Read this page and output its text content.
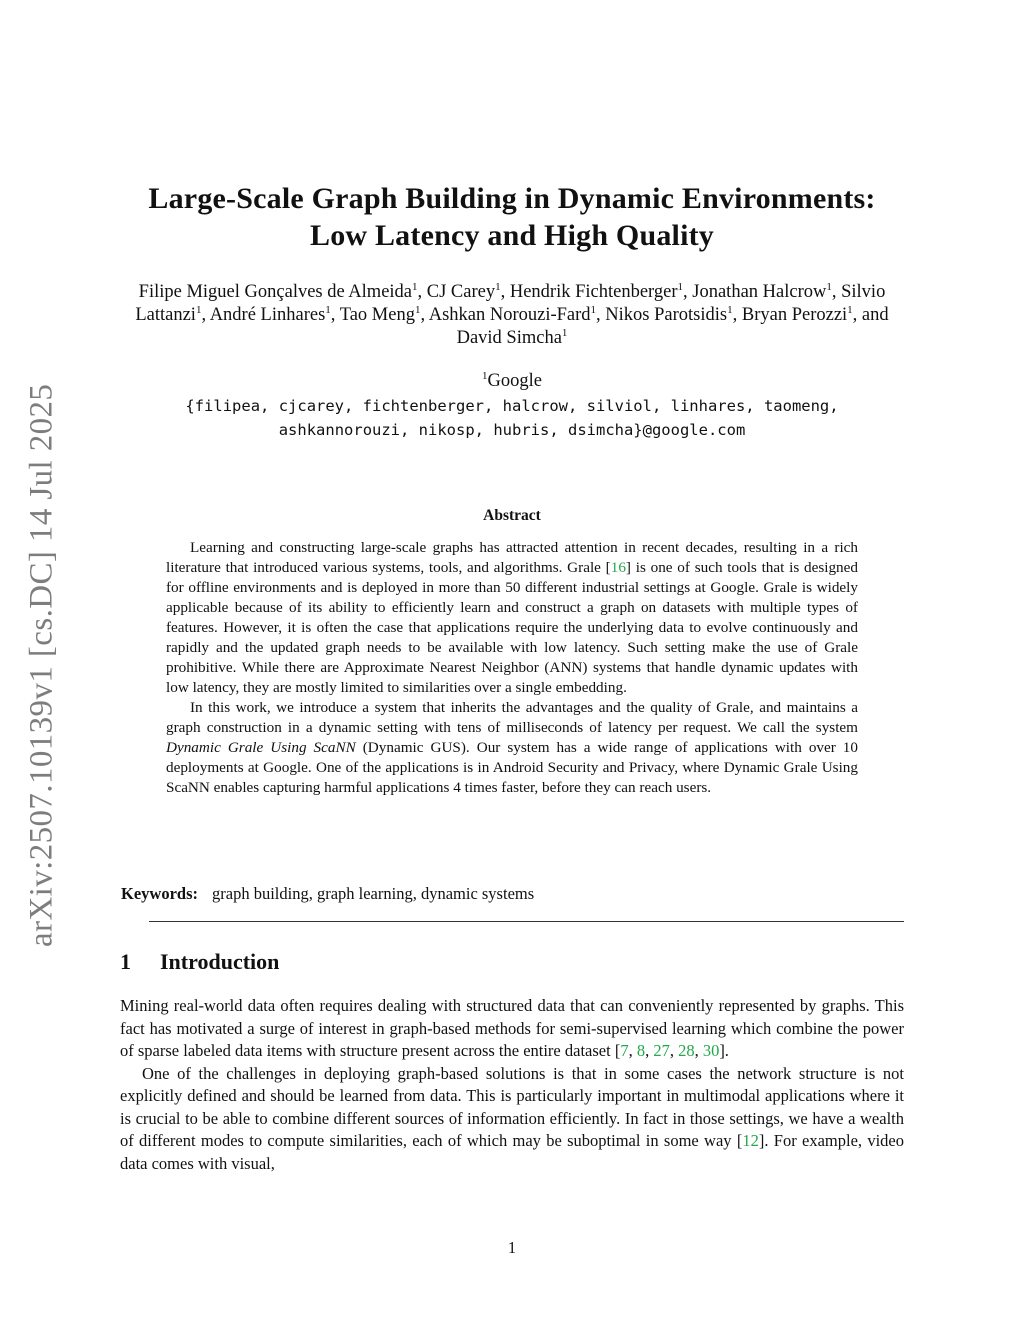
arXiv:2507.10139v1 [cs.DC] 14 Jul 2025
Large-Scale Graph Building in Dynamic Environments:
Low Latency and High Quality
Filipe Miguel Gonçalves de Almeida$^1$, CJ Carey$^1$, Hendrik Fichtenberger$^1$, Jonathan Halcrow$^1$, Silvio Lattanzi$^1$, André Linhares$^1$, Tao Meng$^1$, Ashkan Norouzi-Fard$^1$, Nikos Parotsidis$^1$, Bryan Perozzi$^1$, and David Simcha$^1$
$^1$Google
{filipea, cjcarey, fichtenberger, halcrow, silviol, linhares, taomeng,
ashkannorouzi, nikosp, hubris, dsimcha}@google.com
Abstract

Learning and constructing large-scale graphs has attracted attention in recent decades, resulting in a rich literature that introduced various systems, tools, and algorithms. Grale [16] is one of such tools that is designed for offline environments and is deployed in more than 50 different industrial settings at Google. Grale is widely applicable because of its ability to efficiently learn and construct a graph on datasets with multiple types of features. However, it is often the case that applications require the underlying data to evolve continuously and rapidly and the updated graph needs to be available with low latency. Such setting make the use of Grale prohibitive. While there are Approximate Nearest Neighbor (ANN) systems that handle dynamic updates with low latency, they are mostly limited to similarities over a single embedding.

In this work, we introduce a system that inherits the advantages and the quality of Grale, and maintains a graph construction in a dynamic setting with tens of milliseconds of latency per request. We call the system Dynamic Grale Using ScaNN (Dynamic GUS). Our system has a wide range of applications with over 10 deployments at Google. One of the applications is in Android Security and Privacy, where Dynamic Grale Using ScaNN enables capturing harmful applications 4 times faster, before they can reach users.

Keywords: graph building, graph learning, dynamic systems
1 Introduction

Mining real-world data often requires dealing with structured data that can conveniently represented by graphs. This fact has motivated a surge of interest in graph-based methods for semi-supervised learning which combine the power of sparse labeled data items with structure present across the entire dataset [7, 8, 27, 28, 30].

One of the challenges in deploying graph-based solutions is that in some cases the network structure is not explicitly defined and should be learned from data. This is particularly important in multimodal applications where it is crucial to be able to combine different sources of information efficiently. In fact in those settings, we have a wealth of different modes to compute similarities, each of which may be suboptimal in some way [12]. For example, video data comes with visual,

1
